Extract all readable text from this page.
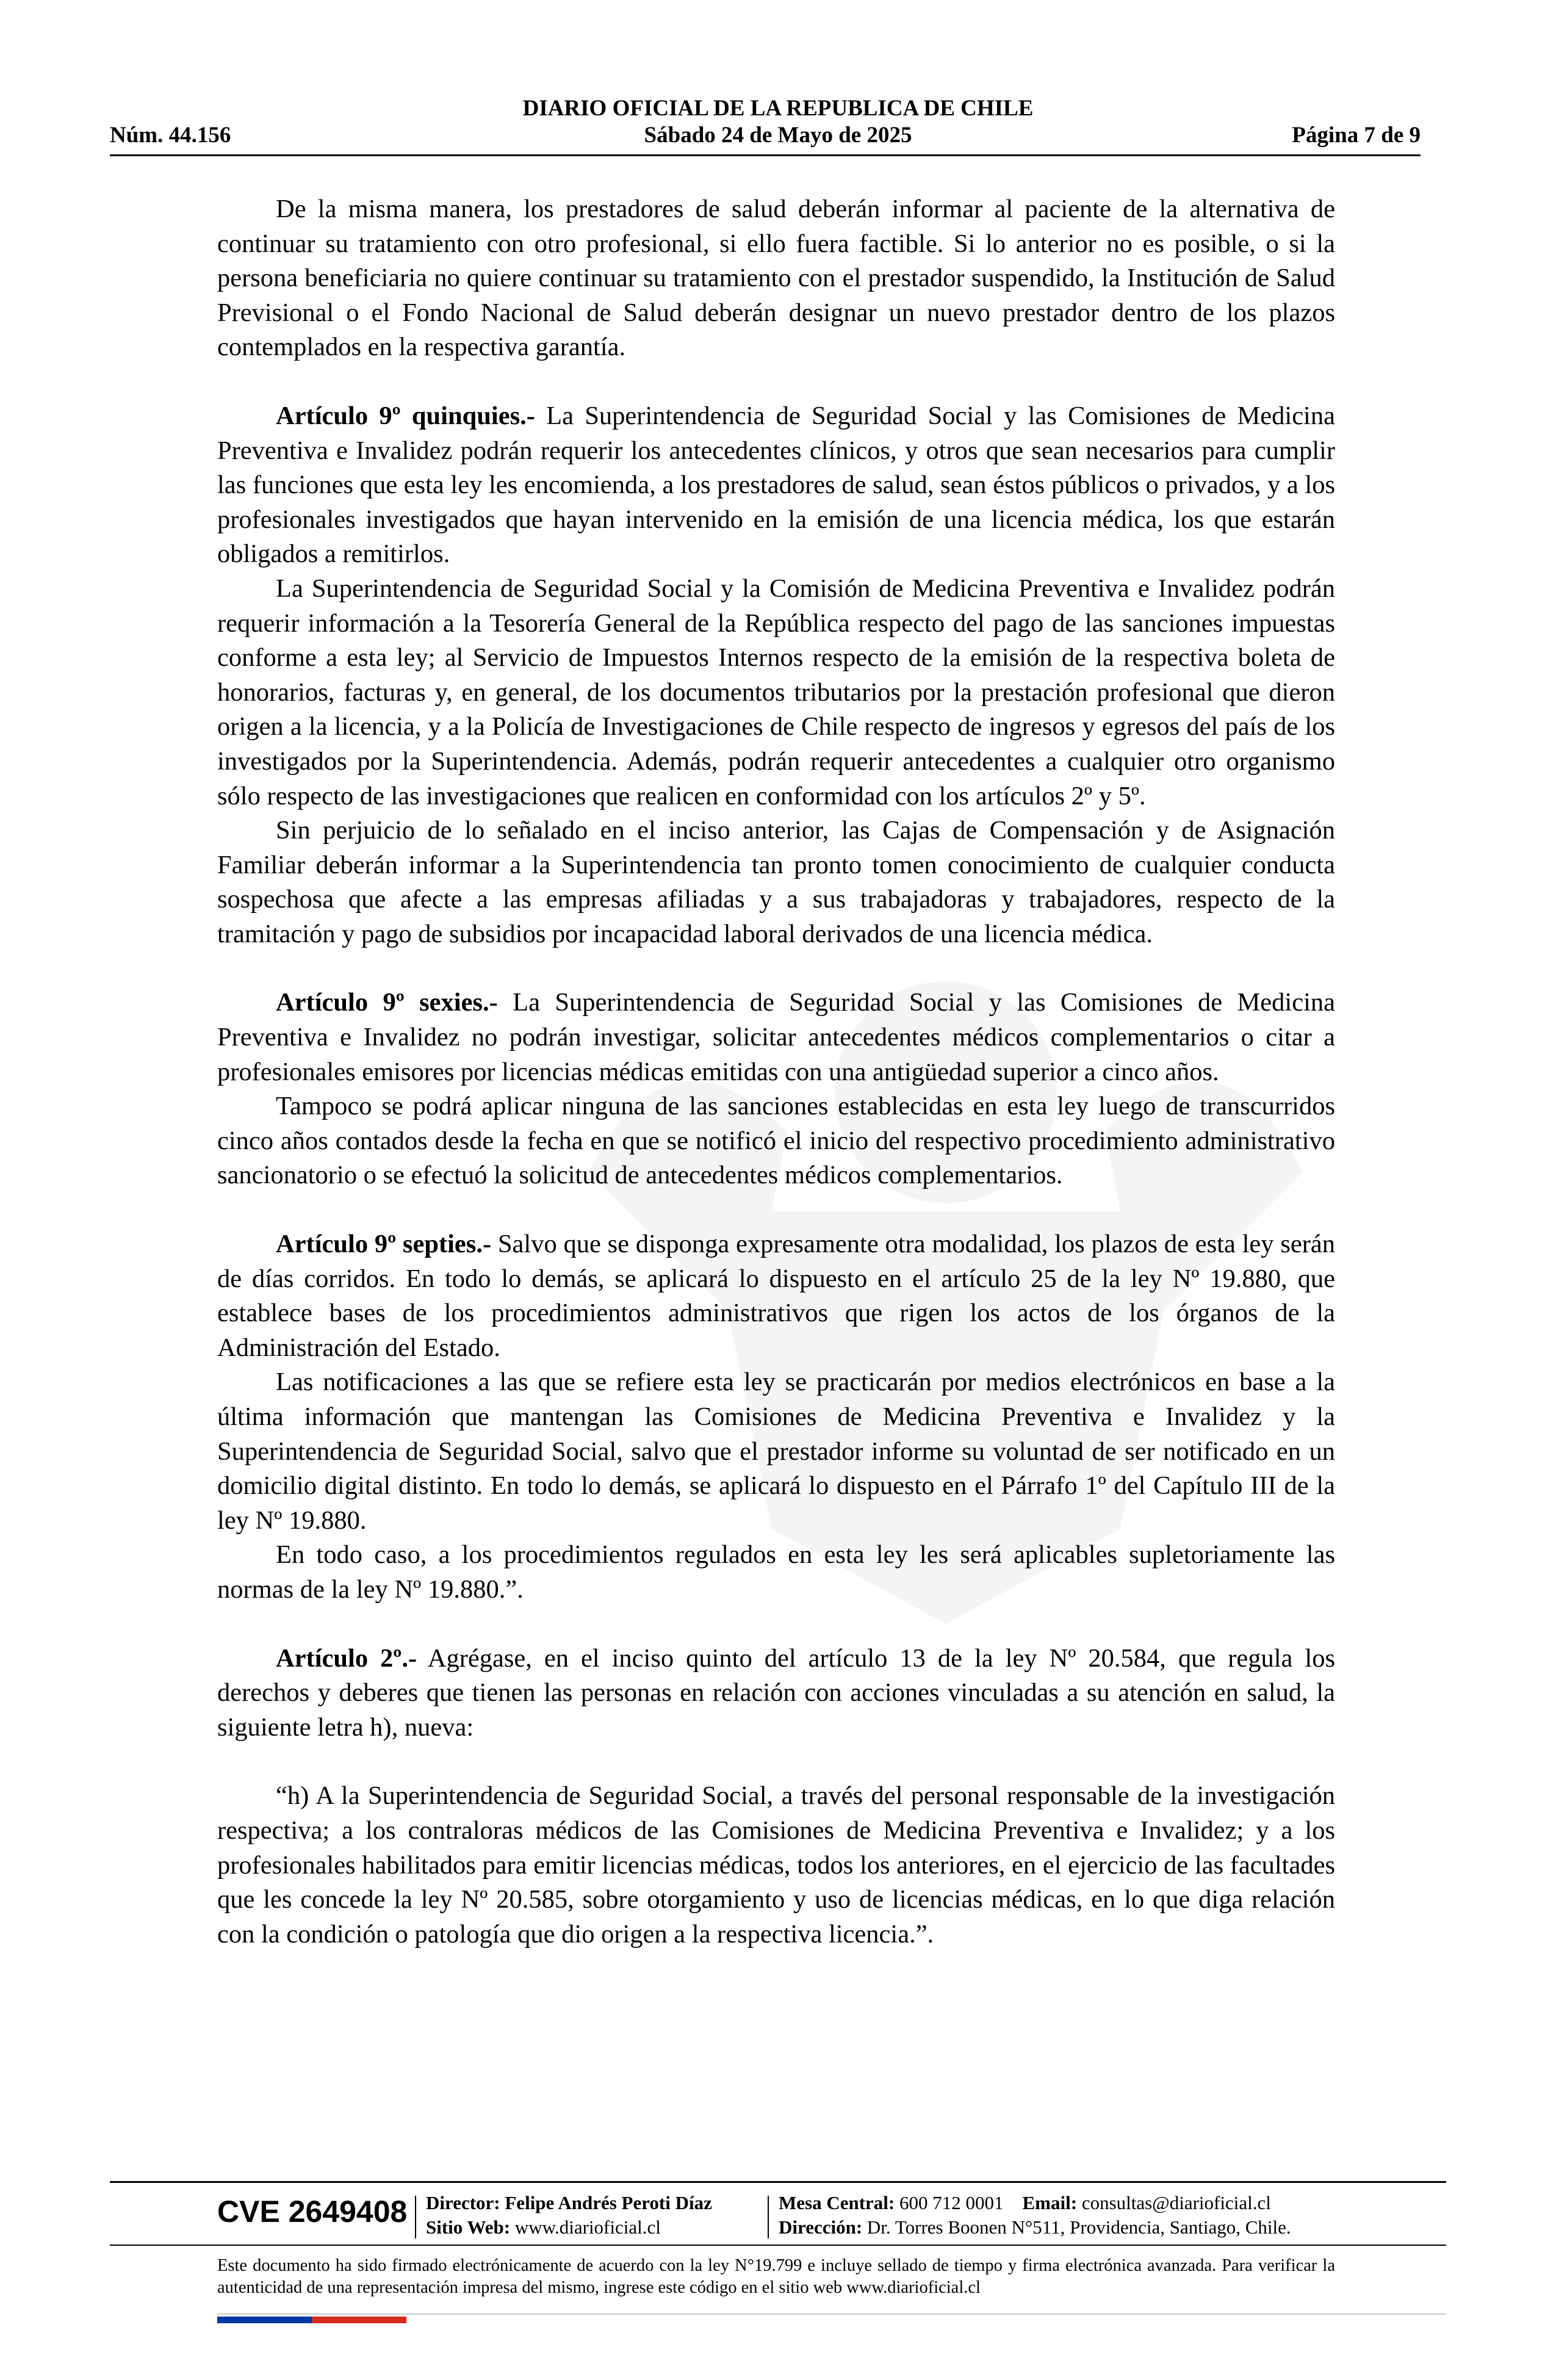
DIARIO OFICIAL DE LA REPUBLICA DE CHILE
Núm. 44.156	Sábado 24 de Mayo de 2025	Página 7 de 9

De la misma manera, los prestadores de salud deberán informar al paciente de la alternativa de continuar su tratamiento con otro profesional, si ello fuera factible. Si lo anterior no es posible, o si la persona beneficiaria no quiere continuar su tratamiento con el prestador suspendido, la Institución de Salud Previsional o el Fondo Nacional de Salud deberán designar un nuevo prestador dentro de los plazos contemplados en la respectiva garantía.

Artículo 9º quinquies.- La Superintendencia de Seguridad Social y las Comisiones de Medicina Preventiva e Invalidez podrán requerir los antecedentes clínicos, y otros que sean necesarios para cumplir las funciones que esta ley les encomienda, a los prestadores de salud, sean éstos públicos o privados, y a los profesionales investigados que hayan intervenido en la emisión de una licencia médica, los que estarán obligados a remitirlos.

La Superintendencia de Seguridad Social y la Comisión de Medicina Preventiva e Invalidez podrán requerir información a la Tesorería General de la República respecto del pago de las sanciones impuestas conforme a esta ley; al Servicio de Impuestos Internos respecto de la emisión de la respectiva boleta de honorarios, facturas y, en general, de los documentos tributarios por la prestación profesional que dieron origen a la licencia, y a la Policía de Investigaciones de Chile respecto de ingresos y egresos del país de los investigados por la Superintendencia. Además, podrán requerir antecedentes a cualquier otro organismo sólo respecto de las investigaciones que realicen en conformidad con los artículos 2º y 5º.

Sin perjuicio de lo señalado en el inciso anterior, las Cajas de Compensación y de Asignación Familiar deberán informar a la Superintendencia tan pronto tomen conocimiento de cualquier conducta sospechosa que afecte a las empresas afiliadas y a sus trabajadoras y trabajadores, respecto de la tramitación y pago de subsidios por incapacidad laboral derivados de una licencia médica.

Artículo 9º sexies.- La Superintendencia de Seguridad Social y las Comisiones de Medicina Preventiva e Invalidez no podrán investigar, solicitar antecedentes médicos complementarios o citar a profesionales emisores por licencias médicas emitidas con una antigüedad superior a cinco años.

Tampoco se podrá aplicar ninguna de las sanciones establecidas en esta ley luego de transcurridos cinco años contados desde la fecha en que se notificó el inicio del respectivo procedimiento administrativo sancionatorio o se efectuó la solicitud de antecedentes médicos complementarios.

Artículo 9º septies.- Salvo que se disponga expresamente otra modalidad, los plazos de esta ley serán de días corridos. En todo lo demás, se aplicará lo dispuesto en el artículo 25 de la ley Nº 19.880, que establece bases de los procedimientos administrativos que rigen los actos de los órganos de la Administración del Estado.

Las notificaciones a las que se refiere esta ley se practicarán por medios electrónicos en base a la última información que mantengan las Comisiones de Medicina Preventiva e Invalidez y la Superintendencia de Seguridad Social, salvo que el prestador informe su voluntad de ser notificado en un domicilio digital distinto. En todo lo demás, se aplicará lo dispuesto en el Párrafo 1º del Capítulo III de la ley Nº 19.880.

En todo caso, a los procedimientos regulados en esta ley les será aplicables supletoriamente las normas de la ley Nº 19.880.”.

Artículo 2º.- Agrégase, en el inciso quinto del artículo 13 de la ley Nº 20.584, que regula los derechos y deberes que tienen las personas en relación con acciones vinculadas a su atención en salud, la siguiente letra h), nueva:

“h) A la Superintendencia de Seguridad Social, a través del personal responsable de la investigación respectiva; a los contraloras médicos de las Comisiones de Medicina Preventiva e Invalidez; y a los profesionales habilitados para emitir licencias médicas, todos los anteriores, en el ejercicio de las facultades que les concede la ley Nº 20.585, sobre otorgamiento y uso de licencias médicas, en lo que diga relación con la condición o patología que dio origen a la respectiva licencia.”.

CVE 2649408 Director: Felipe Andrés Peroti Díaz
Sitio Web: www.diarioficial.cl
Mesa Central: 600 712 0001 Email: consultas@diarioficial.cl
Dirección: Dr. Torres Boonen N°511, Providencia, Santiago, Chile.
Este documento ha sido firmado electrónicamente de acuerdo con la ley N°19.799 e incluye sellado de tiempo y firma electrónica avanzada. Para verificar la autenticidad de una representación impresa del mismo, ingrese este código en el sitio web www.diarioficial.cl
